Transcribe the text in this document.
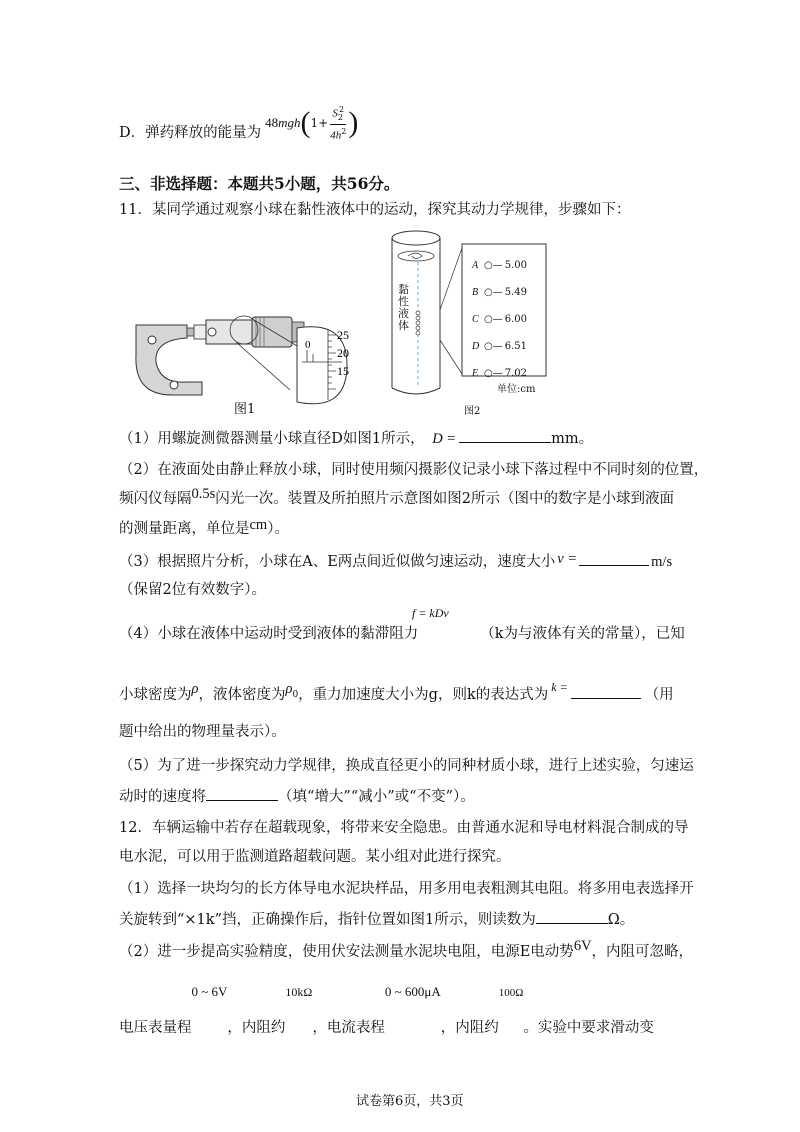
D．弹药释放的能量为
48 mgh ( $1+ \frac{S_2^2}{4h^2}$ )
三、非选择题：本题共5小题，共56分。
11．某同学通过观察小球在黏性液体中的运动，探究其动力学规律，步骤如下：
25
20
15
0
图1
黏性液体
A ○— 5.00
B ○— 5.49
C ○— 6.00
D ○— 6.51
E ○— 7.02
单位:cm
图2
（1）用螺旋测微器测量小球直径D如图1所示， D =	mm。
（2）在液面处由静止释放小球，同时使用频闪摄影仪记录小球下落过程中不同时刻的位置，
频闪仪每隔0.5s闪光一次。装置及所拍照片示意图如图2所示（图中的数字是小球到液面
的测量距离，单位是cm）。
（3）根据照片分析，小球在A、E两点间近似做匀速运动，速度大小 v =	m/s
（保留2位有效数字）。
f = kDv
（4）小球在液体中运动时受到液体的黏滞阻力	（k为与液体有关的常量），已知
小球密度为ρ，液体密度为$\rho_0$，重力加速度大小为g，则k的表达式为 $^{k =}$	（用
题中给出的物理量表示）。
（5）为了进一步探究动力学规律，换成直径更小的同种材质小球，进行上述实验，匀速运
动时的速度将	（填“增大”“减小”或“不变”）。
12．车辆运输中若存在超载现象，将带来安全隐患。由普通水泥和导电材料混合制成的导
电水泥，可以用于监测道路超载问题。某小组对此进行探究。
（1）选择一块均匀的长方体导电水泥块样品，用多用电表粗测其电阻。将多用电表选择开
关旋转到“×1k”挡，正确操作后，指针位置如图1所示，则读数为	Ω。
（2）进一步提高实验精度，使用伏安法测量水泥块电阻，电源E电动势6V，内阻可忽略，
电压表量程0 ~ 6V，内阻约$^{10k\Omega}$，电流表程0 ~ 600μA，内阻约$^{100\Omega}$。实验中要求滑动变
试卷第6页，共3页
